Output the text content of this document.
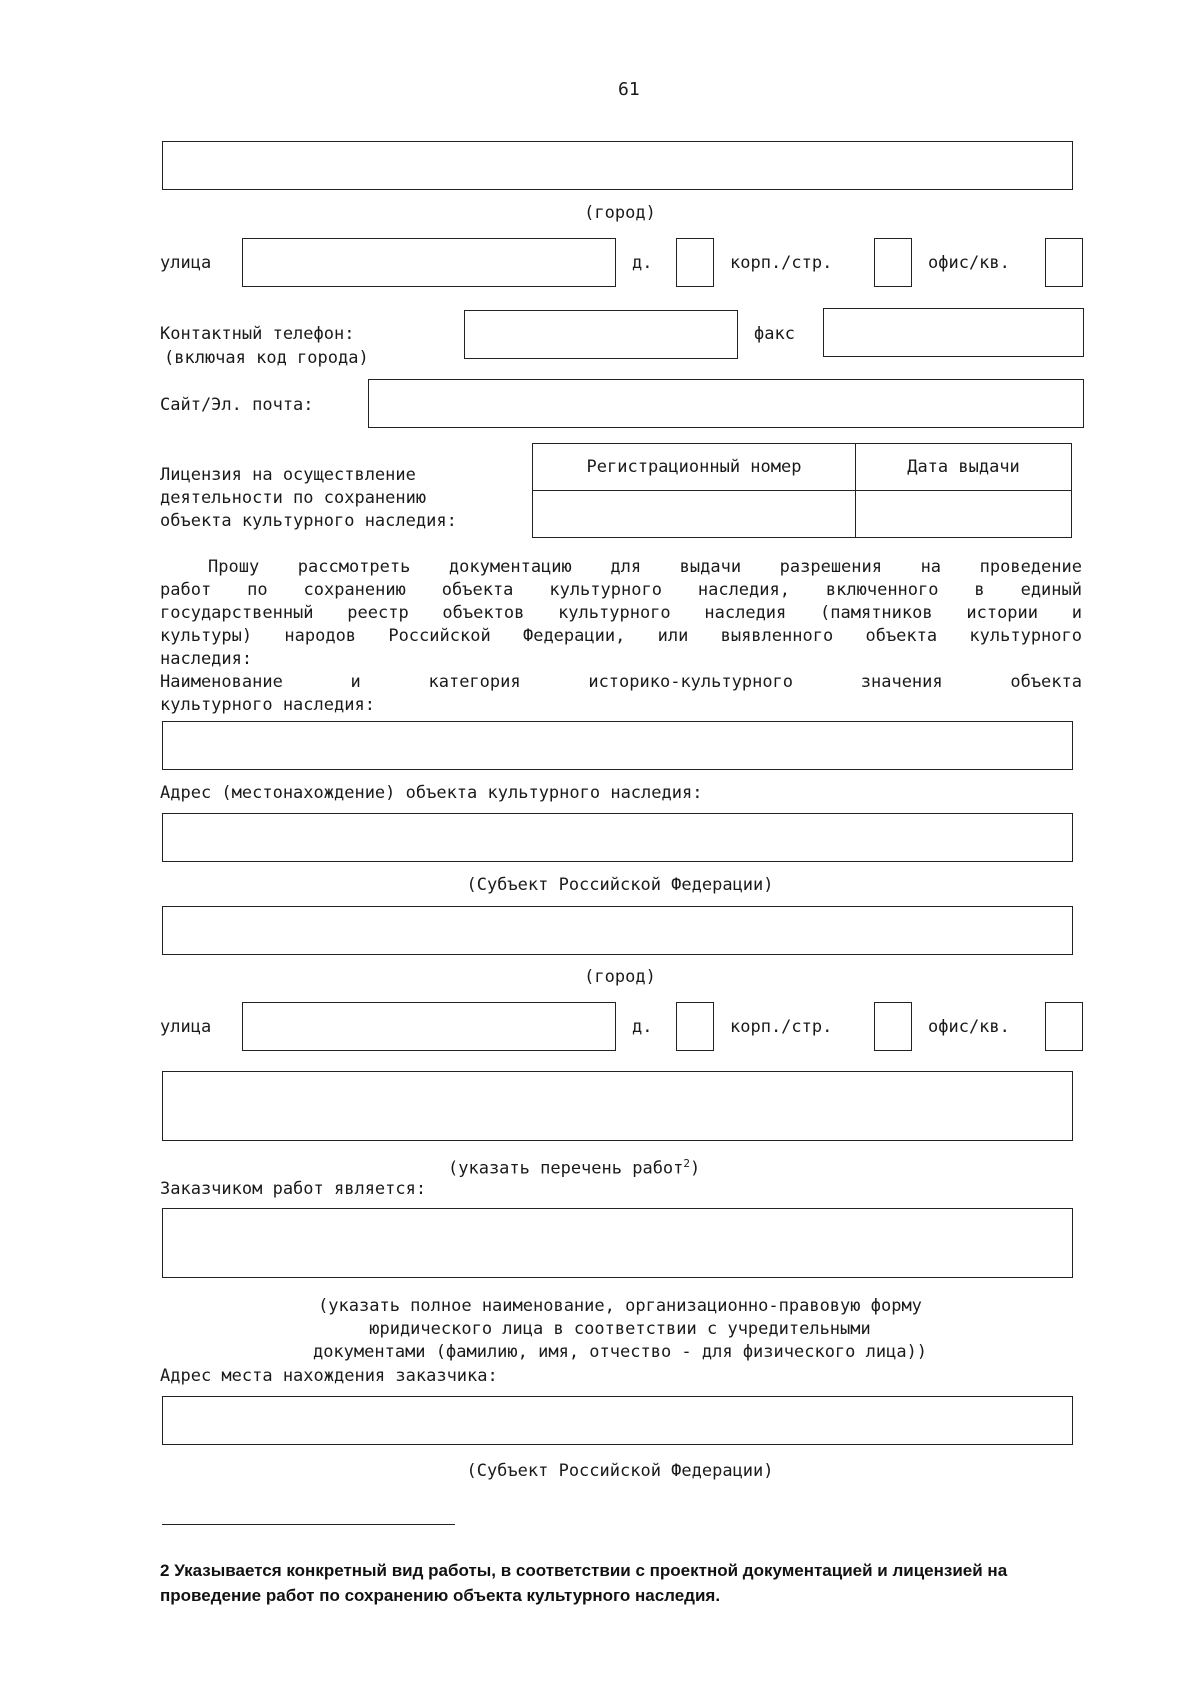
61
(город)
улица	д.	корп./стр.	офис/кв.
Контактный телефон:
(включая код города)
факс
Сайт/Эл. почта:
Лицензия на осуществление
деятельности по сохранению
объекта культурного наследия:
Регистрационный номер	Дата выдачи

Прошу рассмотреть документацию для выдачи разрешения на проведение
работ по сохранению объекта культурного наследия, включенного в единый
государственный реестр объектов культурного наследия (памятников истории и
культуры) народов Российской Федерации, или выявленного объекта культурного
наследия:
Наименование и категория историко-культурного значения объекта
культурного наследия:
Адрес (местонахождение) объекта культурного наследия:
(Субъект Российской Федерации)
(город)
улица	д.	корп./стр.	офис/кв.
(указать перечень работ$^2$)
Заказчиком работ является:
(указать полное наименование, организационно-правовую форму
юридического лица в соответствии с учредительными
документами (фамилию, имя, отчество - для физического лица))
Адрес места нахождения заказчика:
(Субъект Российской Федерации)
2 Указывается конкретный вид работы, в соответствии с проектной документацией и лицензией на проведение работ по сохранению объекта культурного наследия.
